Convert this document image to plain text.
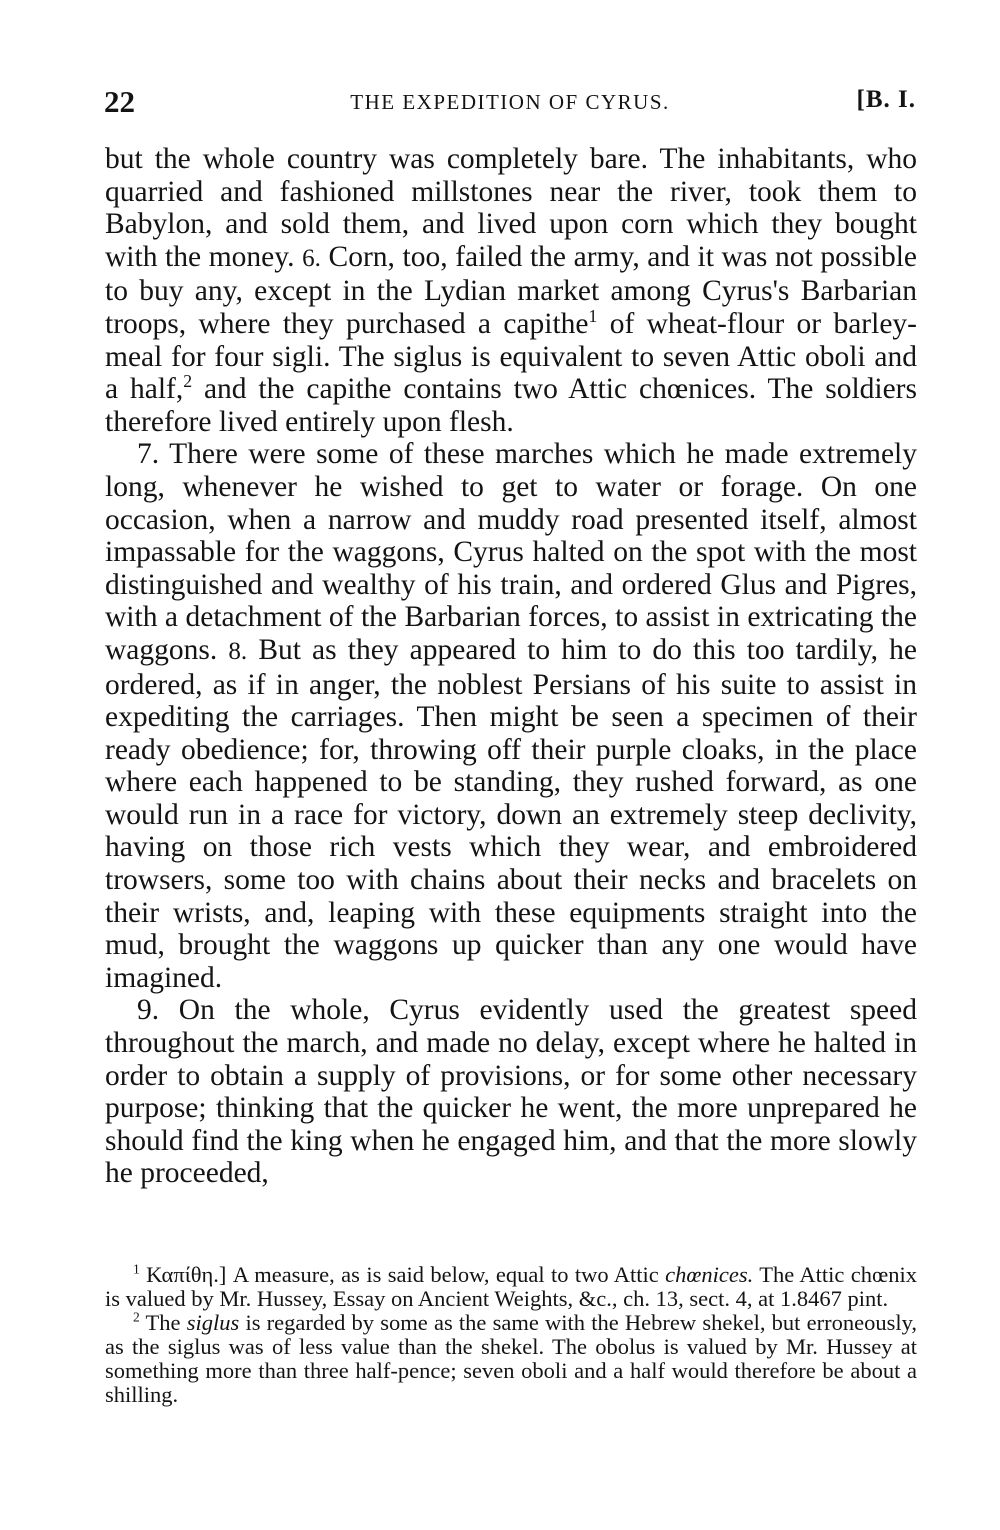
22	THE EXPEDITION OF CYRUS.	[B. I.

but the whole country was completely bare. The inhabitants, who quarried and fashioned millstones near the river, took them to Babylon, and sold them, and lived upon corn which they bought with the money. 6. Corn, too, failed the army, and it was not possible to buy any, except in the Lydian market among Cyrus's Barbarian troops, where they purchased a capithe$^1$ of wheat-flour or barley-meal for four sigli. The siglus is equivalent to seven Attic oboli and a half,$^2$ and the capithe contains two Attic chœnices. The soldiers therefore lived entirely upon flesh.

7. There were some of these marches which he made extremely long, whenever he wished to get to water or forage. On one occasion, when a narrow and muddy road presented itself, almost impassable for the waggons, Cyrus halted on the spot with the most distinguished and wealthy of his train, and ordered Glus and Pigres, with a detachment of the Barbarian forces, to assist in extricating the waggons. 8. But as they appeared to him to do this too tardily, he ordered, as if in anger, the noblest Persians of his suite to assist in expediting the carriages. Then might be seen a specimen of their ready obedience; for, throwing off their purple cloaks, in the place where each happened to be standing, they rushed forward, as one would run in a race for victory, down an extremely steep declivity, having on those rich vests which they wear, and embroidered trowsers, some too with chains about their necks and bracelets on their wrists, and, leaping with these equipments straight into the mud, brought the waggons up quicker than any one would have imagined.

9. On the whole, Cyrus evidently used the greatest speed throughout the march, and made no delay, except where he halted in order to obtain a supply of provisions, or for some other necessary purpose; thinking that the quicker he went, the more unprepared he should find the king when he engaged him, and that the more slowly he proceeded,

$^1$ Καπίθη.] A measure, as is said below, equal to two Attic chœnices. The Attic chœnix is valued by Mr. Hussey, Essay on Ancient Weights, &c., ch. 13, sect. 4, at 1.8467 pint.

$^2$ The siglus is regarded by some as the same with the Hebrew shekel, but erroneously, as the siglus was of less value than the shekel. The obolus is valued by Mr. Hussey at something more than three half-pence; seven oboli and a half would therefore be about a shilling.
